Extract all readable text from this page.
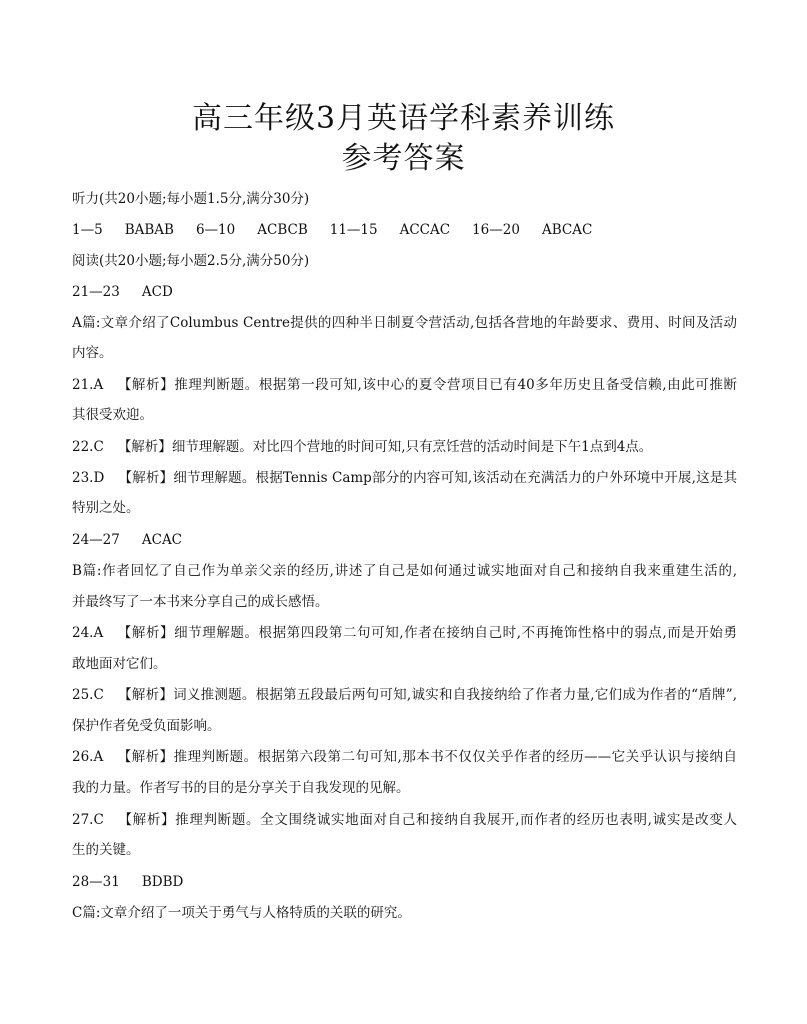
高三年级3月英语学科素养训练
参考答案
听力(共20小题;每小题1.5分,满分30分)
1—5 BABAB 6—10 ACBCB 11—15 ACCAC 16—20 ABCAC
阅读(共20小题;每小题2.5分,满分50分)
21—23 ACD
A篇:文章介绍了Columbus Centre提供的四种半日制夏令营活动,包括各营地的年龄要求、费用、时间及活动
内容。
21.A 【解析】推理判断题。根据第一段可知,该中心的夏令营项目已有40多年历史且备受信赖,由此可推断
其很受欢迎。
22.C 【解析】细节理解题。对比四个营地的时间可知,只有烹饪营的活动时间是下午1点到4点。
23.D 【解析】细节理解题。根据Tennis Camp部分的内容可知,该活动在充满活力的户外环境中开展,这是其
特别之处。
24—27 ACAC
B篇:作者回忆了自己作为单亲父亲的经历,讲述了自己是如何通过诚实地面对自己和接纳自我来重建生活的,
并最终写了一本书来分享自己的成长感悟。
24.A 【解析】细节理解题。根据第四段第二句可知,作者在接纳自己时,不再掩饰性格中的弱点,而是开始勇
敢地面对它们。
25.C 【解析】词义推测题。根据第五段最后两句可知,诚实和自我接纳给了作者力量,它们成为作者的“盾牌”,
保护作者免受负面影响。
26.A 【解析】推理判断题。根据第六段第二句可知,那本书不仅仅关乎作者的经历——它关乎认识与接纳自
我的力量。作者写书的目的是分享关于自我发现的见解。
27.C 【解析】推理判断题。全文围绕诚实地面对自己和接纳自我展开,而作者的经历也表明,诚实是改变人
生的关键。
28—31 BDBD
C篇:文章介绍了一项关于勇气与人格特质的关联的研究。
